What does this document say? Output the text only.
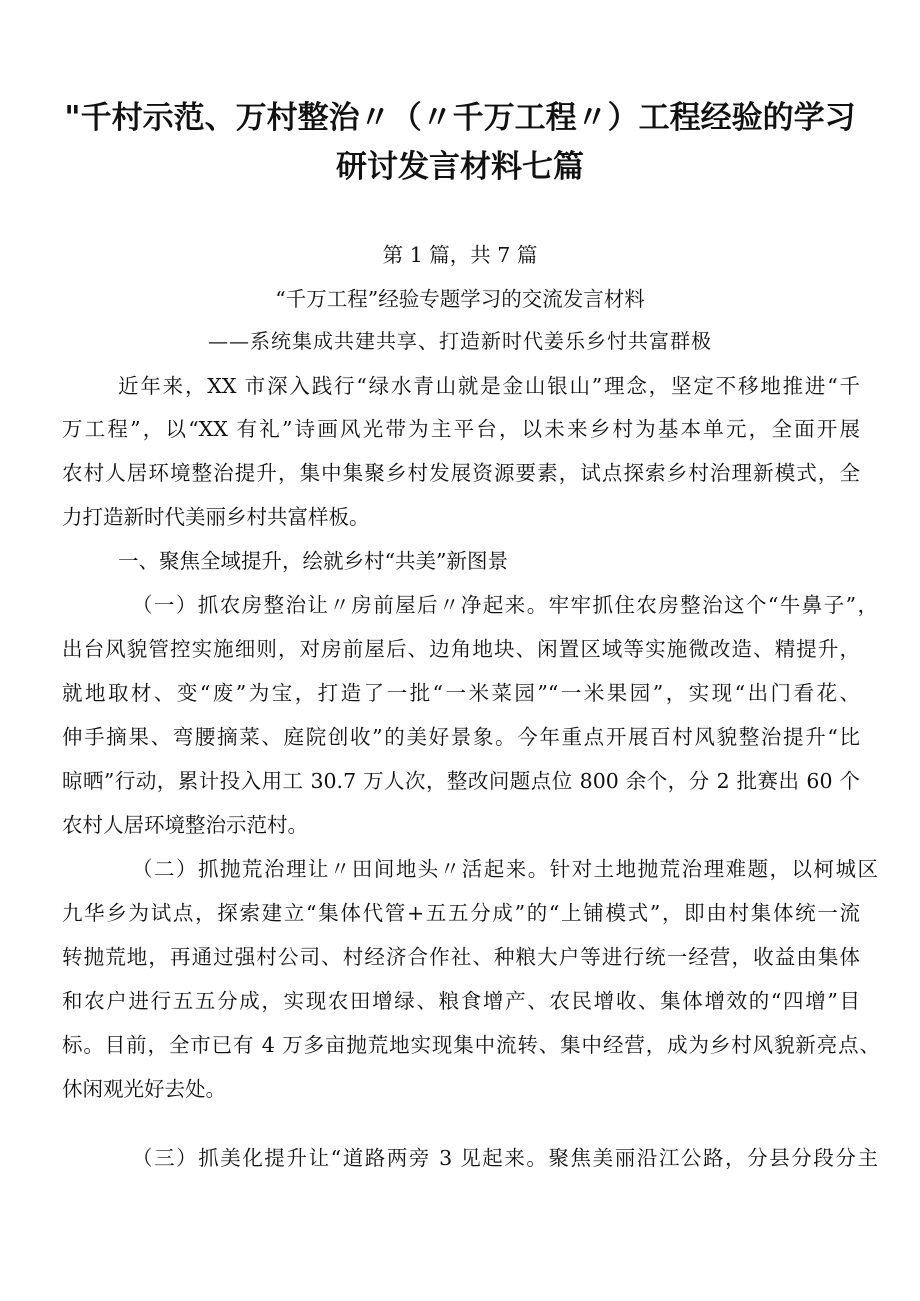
"千村示范、万村整治〃（〃千万工程〃）工程经验的学习
研讨发言材料七篇

第 1 篇，共 7 篇

“千万工程”经验专题学习的交流发言材料

——系统集成共建共享、打造新时代姜乐乡忖共富群极

近年来，XX 市深入践行“绿水青山就是金山银山”理念，坚定不移地推进“千

万工程”，以“XX 有礼”诗画风光带为主平台，以未来乡村为基本单元，全面开展

农村人居环境整治提升，集中集聚乡村发展资源要素，试点探索乡村治理新模式，全

力打造新时代美丽乡村共富样板。

一、聚焦全域提升，绘就乡村“共美”新图景

（一）抓农房整治让〃房前屋后〃净起来。牢牢抓住农房整治这个“牛鼻子”，

出台风貌管控实施细则，对房前屋后、边角地块、闲置区域等实施微改造、精提升，

就地取材、变“废”为宝，打造了一批“一米菜园”“一米果园”，实现“出门看花、

伸手摘果、弯腰摘菜、庭院创收”的美好景象。今年重点开展百村风貌整治提升“比

晾晒”行动，累计投入用工 30.7 万人次，整改问题点位 800 余个，分 2 批赛出 60 个

农村人居环境整治示范村。

（二）抓抛荒治理让〃田间地头〃活起来。针对土地抛荒治理难题，以柯城区

九华乡为试点，探索建立“集体代管+五五分成”的“上铺模式”，即由村集体统一流

转抛荒地，再通过强村公司、村经济合作社、种粮大户等进行统一经营，收益由集体

和农户进行五五分成，实现农田增绿、粮食增产、农民增收、集体增效的“四增”目

标。目前，全市已有 4 万多亩抛荒地实现集中流转、集中经营，成为乡村风貌新亮点、

休闲观光好去处。

（三）抓美化提升让“道路两旁 3 见起来。聚焦美丽沿江公路，分县分段分主
